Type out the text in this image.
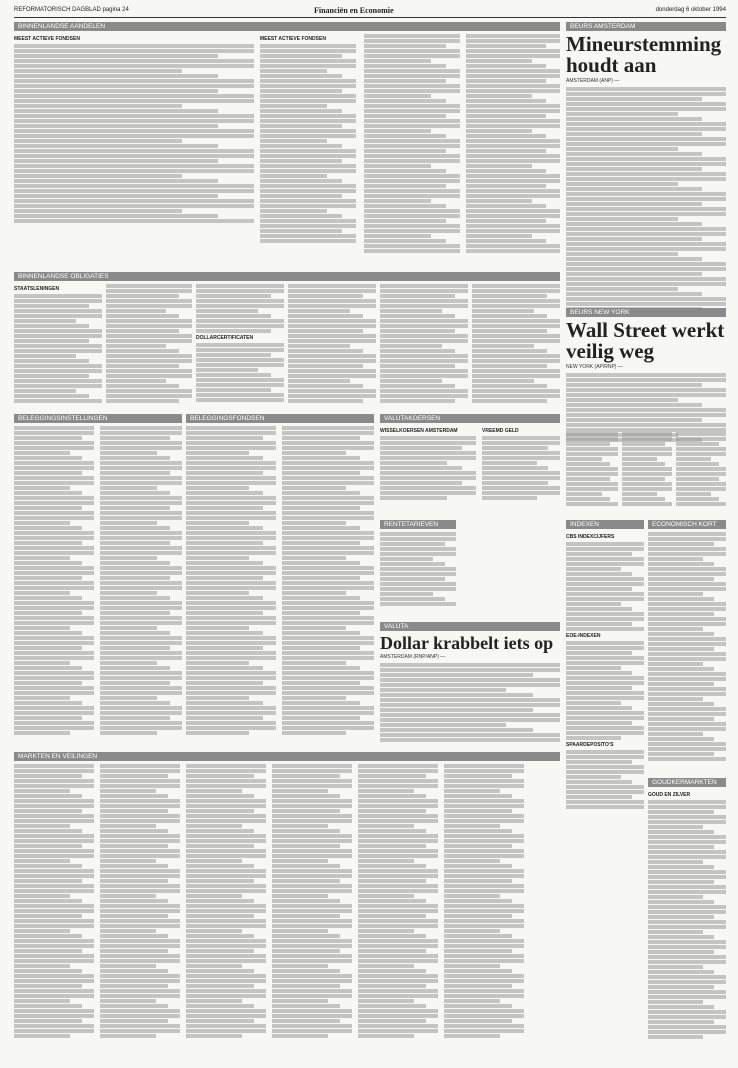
REFORMATORISCH DAGBLAD pagina 24	Financiën en Economie	donderdag 6 oktober 1994
BINNENLANDSE AANDELEN
MEEST ACTIEVE FONDSEN	MEEST ACTIEVE FONDSEN
BINNENLANDSE OBLIGATIES
STAATSLENINGEN
DOLLARCERTIFICATEN
BELEGGINGSINSTELLINGEN	BELEGGINGSFONDSEN	VALUTAKOERSEN
WISSELKOERSEN AMSTERDAM	VREEMD GELD
RENTETARIEVEN
VALUTA
Dollar krabbelt iets op
AMSTERDAM (RNP/ANP) —
MARKTEN EN VEILINGEN
BEURS AMSTERDAM
Mineurstemming houdt aan
AMSTERDAM (ANP) —
BEURS NEW YORK
Wall Street werkt veilig weg
NEW YORK (AP/RNP) —
INDEXEN
CBS INDEXCIJFERS
EOE-INDEXEN
SPAARDEPOSITO'S
ECONOMISCH KORT
GOUDKERMARKTEN
GOUD EN ZILVER
